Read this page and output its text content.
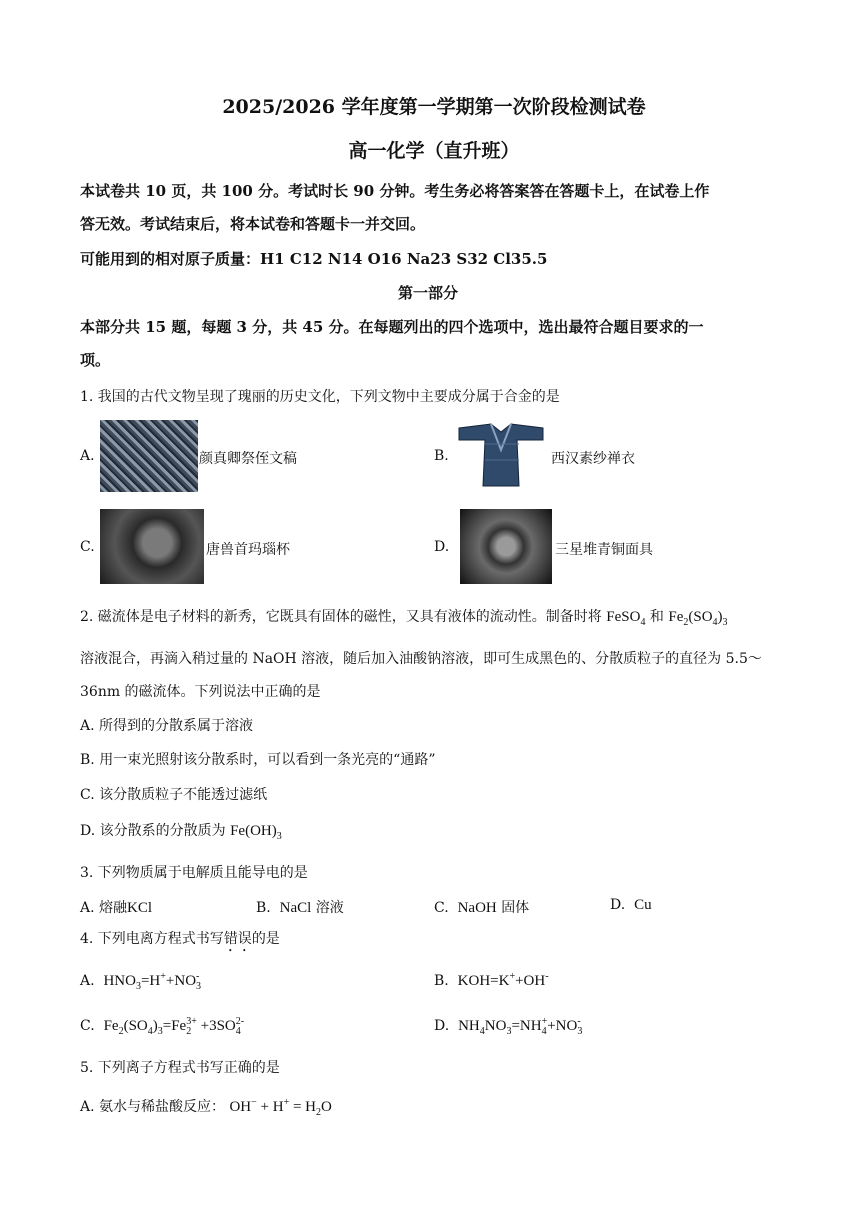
2025/2026 学年度第一学期第一次阶段检测试卷
高一化学（直升班）
本试卷共 10 页，共 100 分。考试时长 90 分钟。考生务必将答案答在答题卡上，在试卷上作
答无效。考试结束后，将本试卷和答题卡一并交回。
可能用到的相对原子质量：H1 C12 N14 O16 Na23 S32 Cl35.5
第一部分
本部分共 15 题，每题 3 分，共 45 分。在每题列出的四个选项中，选出最符合题目要求的一
项。
1. 我国的古代文物呈现了瑰丽的历史文化，下列文物中主要成分属于合金的是
A.	颜真卿祭侄文稿	B.	西汉素纱禅衣
C.	唐兽首玛瑙杯	D.	三星堆青铜面具
2. 磁流体是电子材料的新秀，它既具有固体的磁性，又具有液体的流动性。制备时将 FeSO$_4$ 和 $Fe_2(SO_4)_3$
溶液混合，再滴入稍过量的 NaOH 溶液，随后加入油酸钠溶液，即可生成黑色的、分散质粒子的直径为 5.5～
36nm 的磁流体。下列说法中正确的是
A. 所得到的分散系属于溶液
B. 用一束光照射该分散系时，可以看到一条光亮的“通路”
C. 该分散质粒子不能透过滤纸
D. 该分散系的分散质为 $Fe(OH)_3$
3. 下列物质属于电解质且能导电的是
A. 熔融KCl	B. NaCl 溶液	C. NaOH 固体	D. Cu
4. 下列电离方程式书写错误的是
A. $HNO_3=H^++NO_3^-$	B. KOH=K++OH-
C. $Fe_2(SO_4)_3=Fe_2^{3+} +3SO_4^{2-}$	D. $NH_4NO_3=NH_4^++NO_3^-$
5. 下列离子方程式书写正确的是
A. 氨水与稀盐酸反应： $OH^- + H^+ = H_2O$
